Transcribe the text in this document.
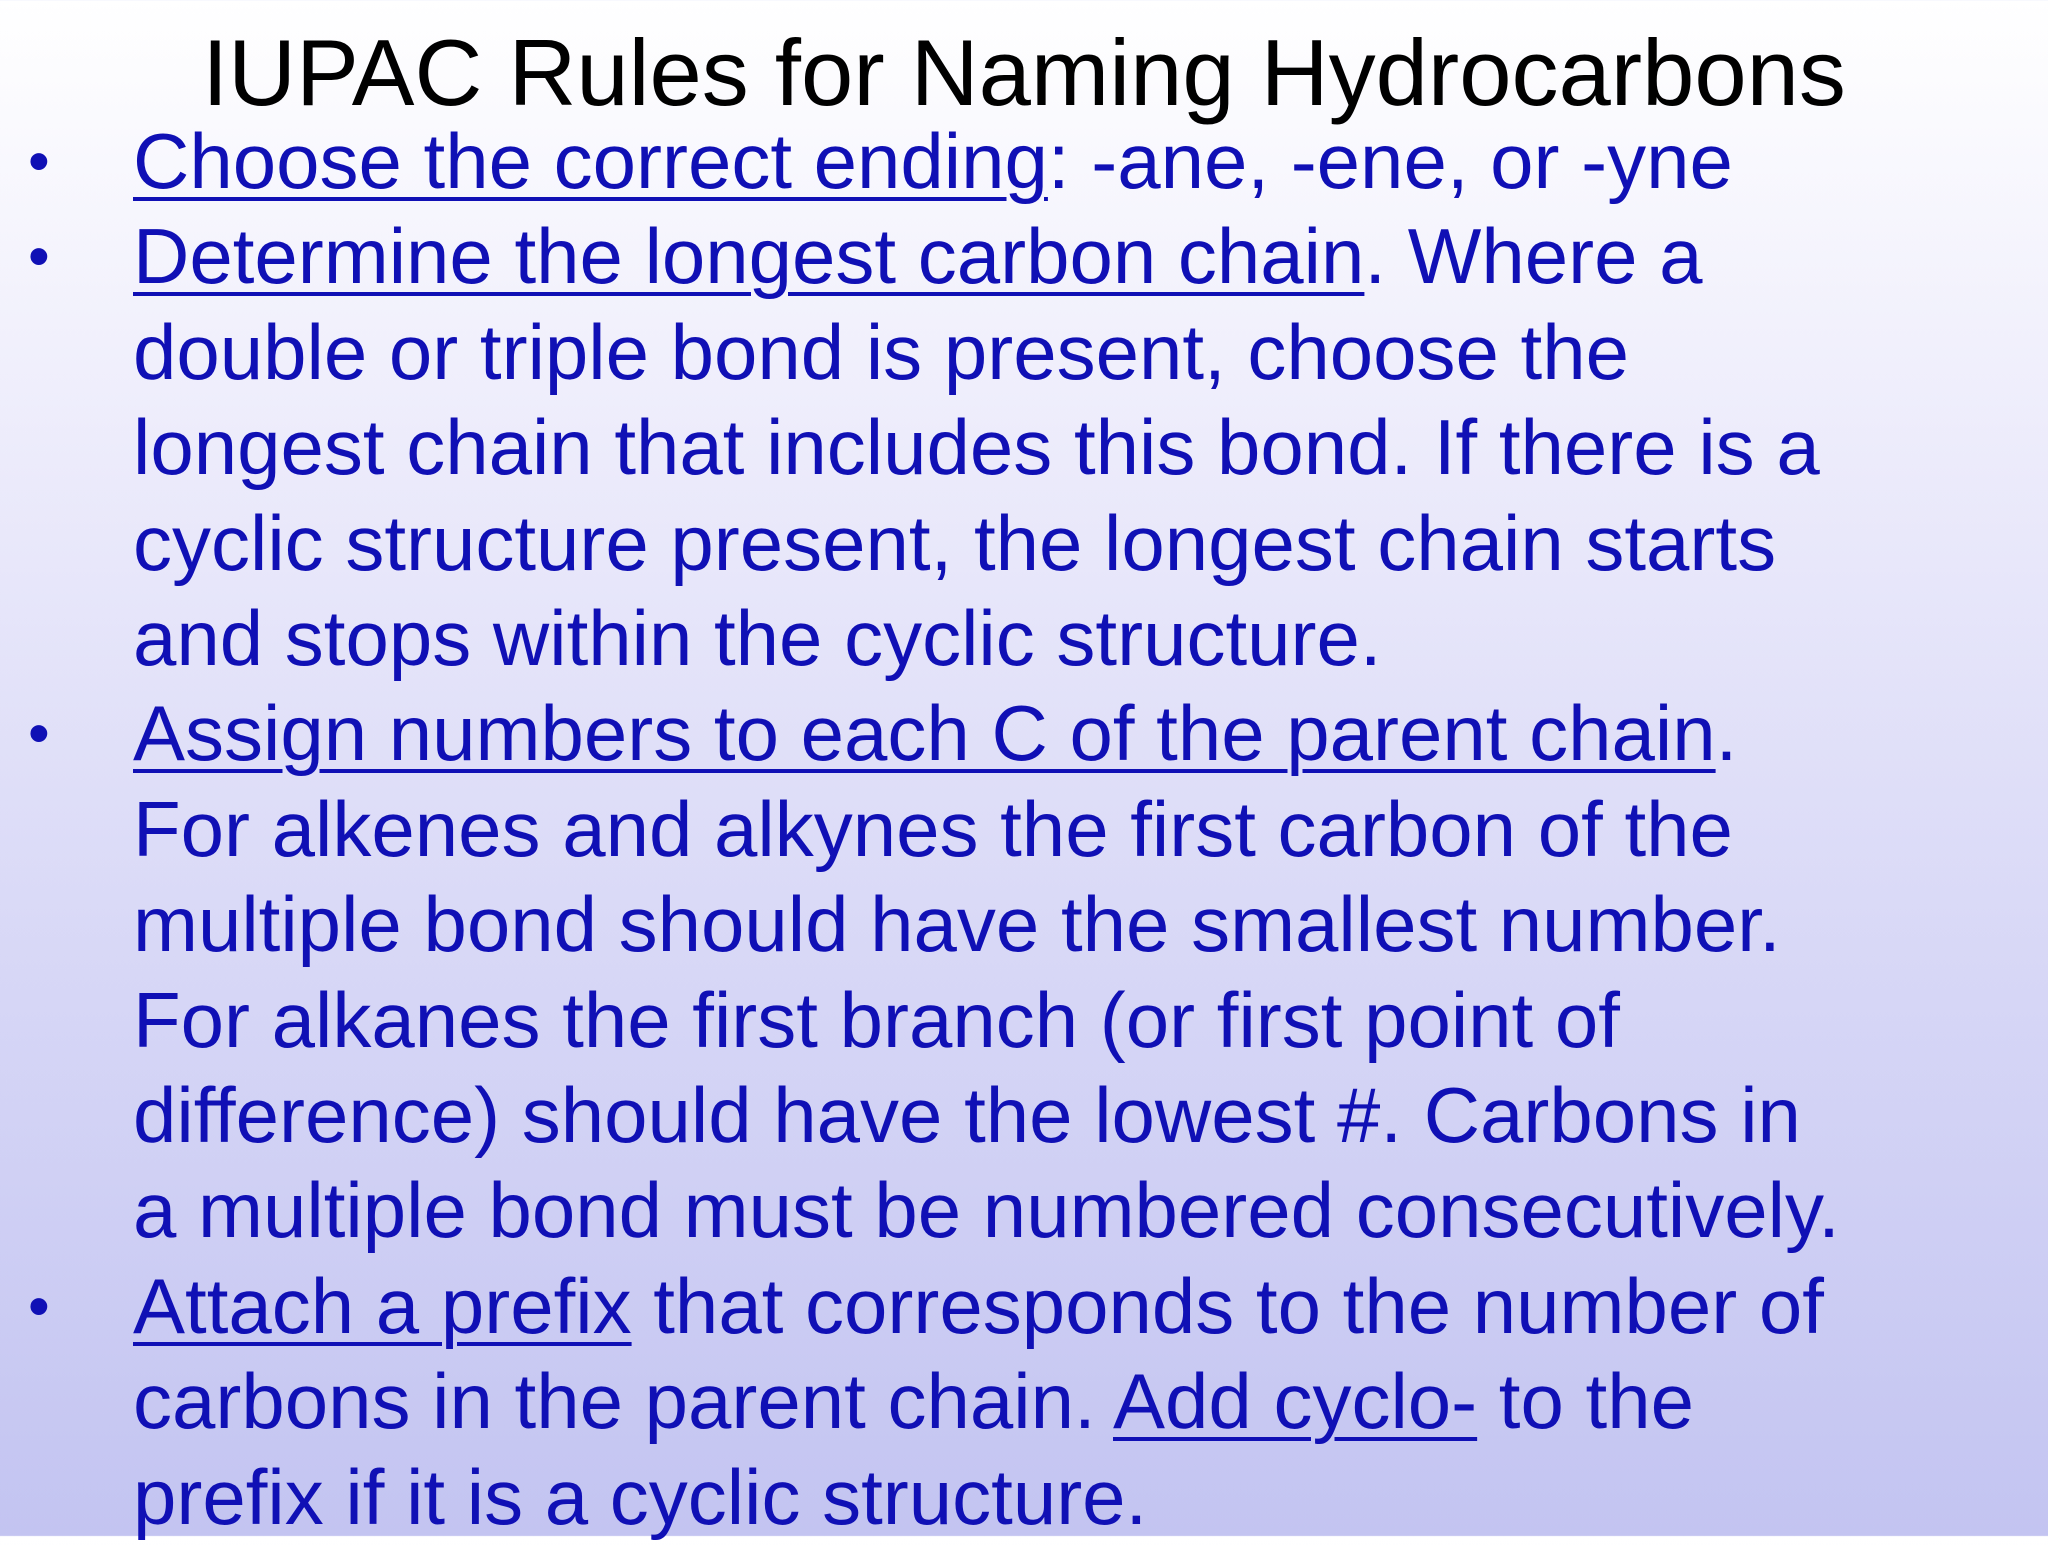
IUPAC Rules for Naming Hydrocarbons
• Choose the correct ending: -ane, -ene, or -yne
• Determine the longest carbon chain. Where a
double or triple bond is present, choose the
longest chain that includes this bond. If there is a
cyclic structure present, the longest chain starts
and stops within the cyclic structure.
• Assign numbers to each C of the parent chain.
For alkenes and alkynes the first carbon of the
multiple bond should have the smallest number.
For alkanes the first branch (or first point of
difference) should have the lowest #. Carbons in
a multiple bond must be numbered consecutively.
• Attach a prefix that corresponds to the number of
carbons in the parent chain. Add cyclo- to the
prefix if it is a cyclic structure.
